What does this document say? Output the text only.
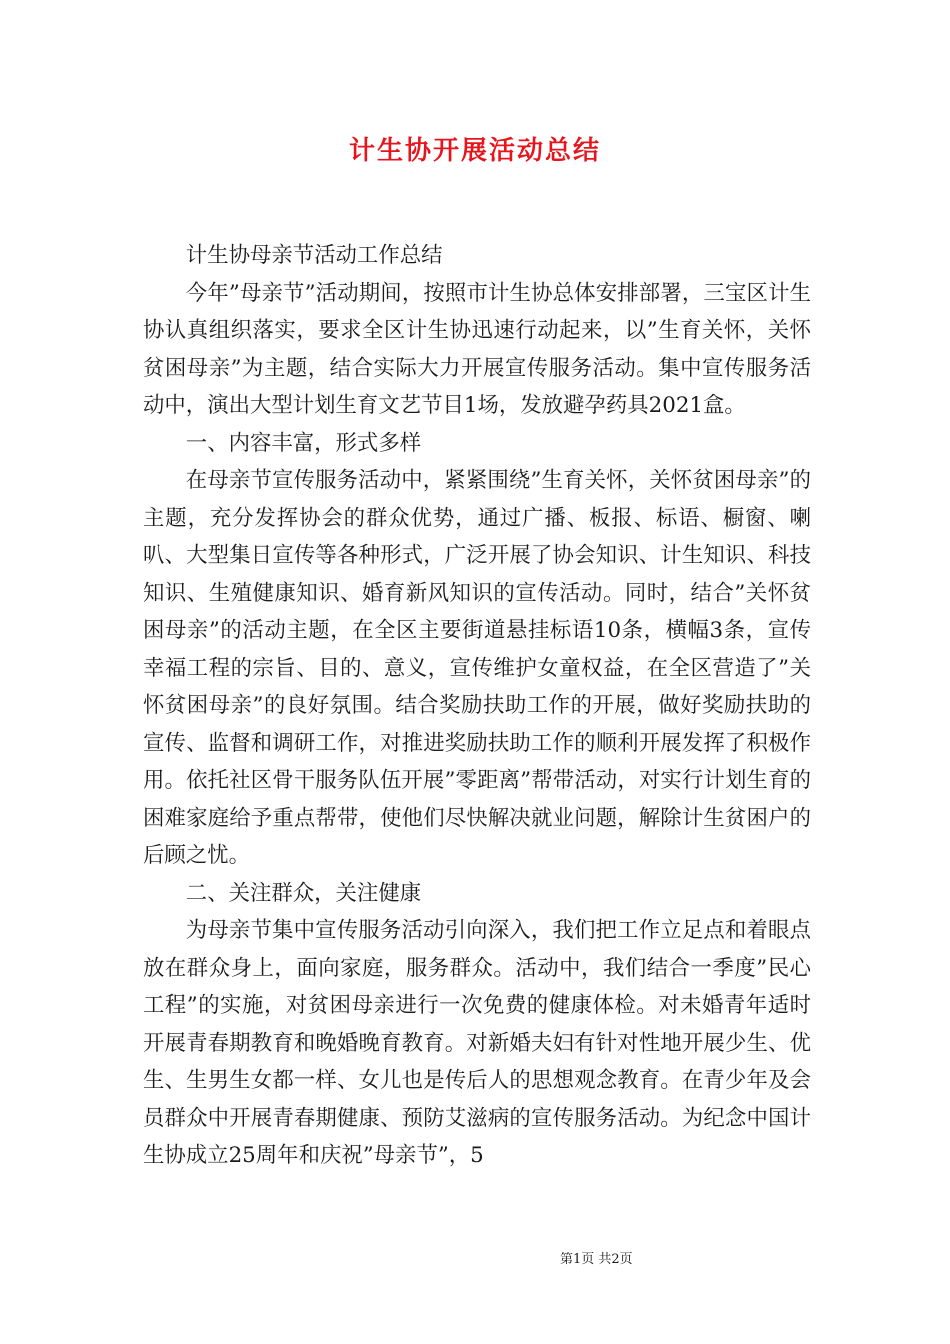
计生协开展活动总结

计生协母亲节活动工作总结

今年”母亲节”活动期间，按照市计生协总体安排部署，三宝区计生协认真组织落实，要求全区计生协迅速行动起来，以”生育关怀，关怀贫困母亲”为主题，结合实际大力开展宣传服务活动。集中宣传服务活动中，演出大型计划生育文艺节目1场，发放避孕药具2021盒。

一、内容丰富，形式多样

在母亲节宣传服务活动中，紧紧围绕”生育关怀，关怀贫困母亲”的主题，充分发挥协会的群众优势，通过广播、板报、标语、橱窗、喇叭、大型集日宣传等各种形式，广泛开展了协会知识、计生知识、科技知识、生殖健康知识、婚育新风知识的宣传活动。同时，结合”关怀贫困母亲”的活动主题，在全区主要街道悬挂标语10条，横幅3条，宣传幸福工程的宗旨、目的、意义，宣传维护女童权益，在全区营造了”关怀贫困母亲”的良好氛围。结合奖励扶助工作的开展，做好奖励扶助的宣传、监督和调研工作，对推进奖励扶助工作的顺利开展发挥了积极作用。依托社区骨干服务队伍开展”零距离”帮带活动，对实行计划生育的困难家庭给予重点帮带，使他们尽快解决就业问题，解除计生贫困户的后顾之忧。

二、关注群众，关注健康

为母亲节集中宣传服务活动引向深入，我们把工作立足点和着眼点放在群众身上，面向家庭，服务群众。活动中，我们结合一季度”民心工程”的实施，对贫困母亲进行一次免费的健康体检。对未婚青年适时开展青春期教育和晚婚晚育教育。对新婚夫妇有针对性地开展少生、优生、生男生女都一样、女儿也是传后人的思想观念教育。在青少年及会员群众中开展青春期健康、预防艾滋病的宣传服务活动。为纪念中国计生协成立25周年和庆祝”母亲节”，5

第1页 共2页
